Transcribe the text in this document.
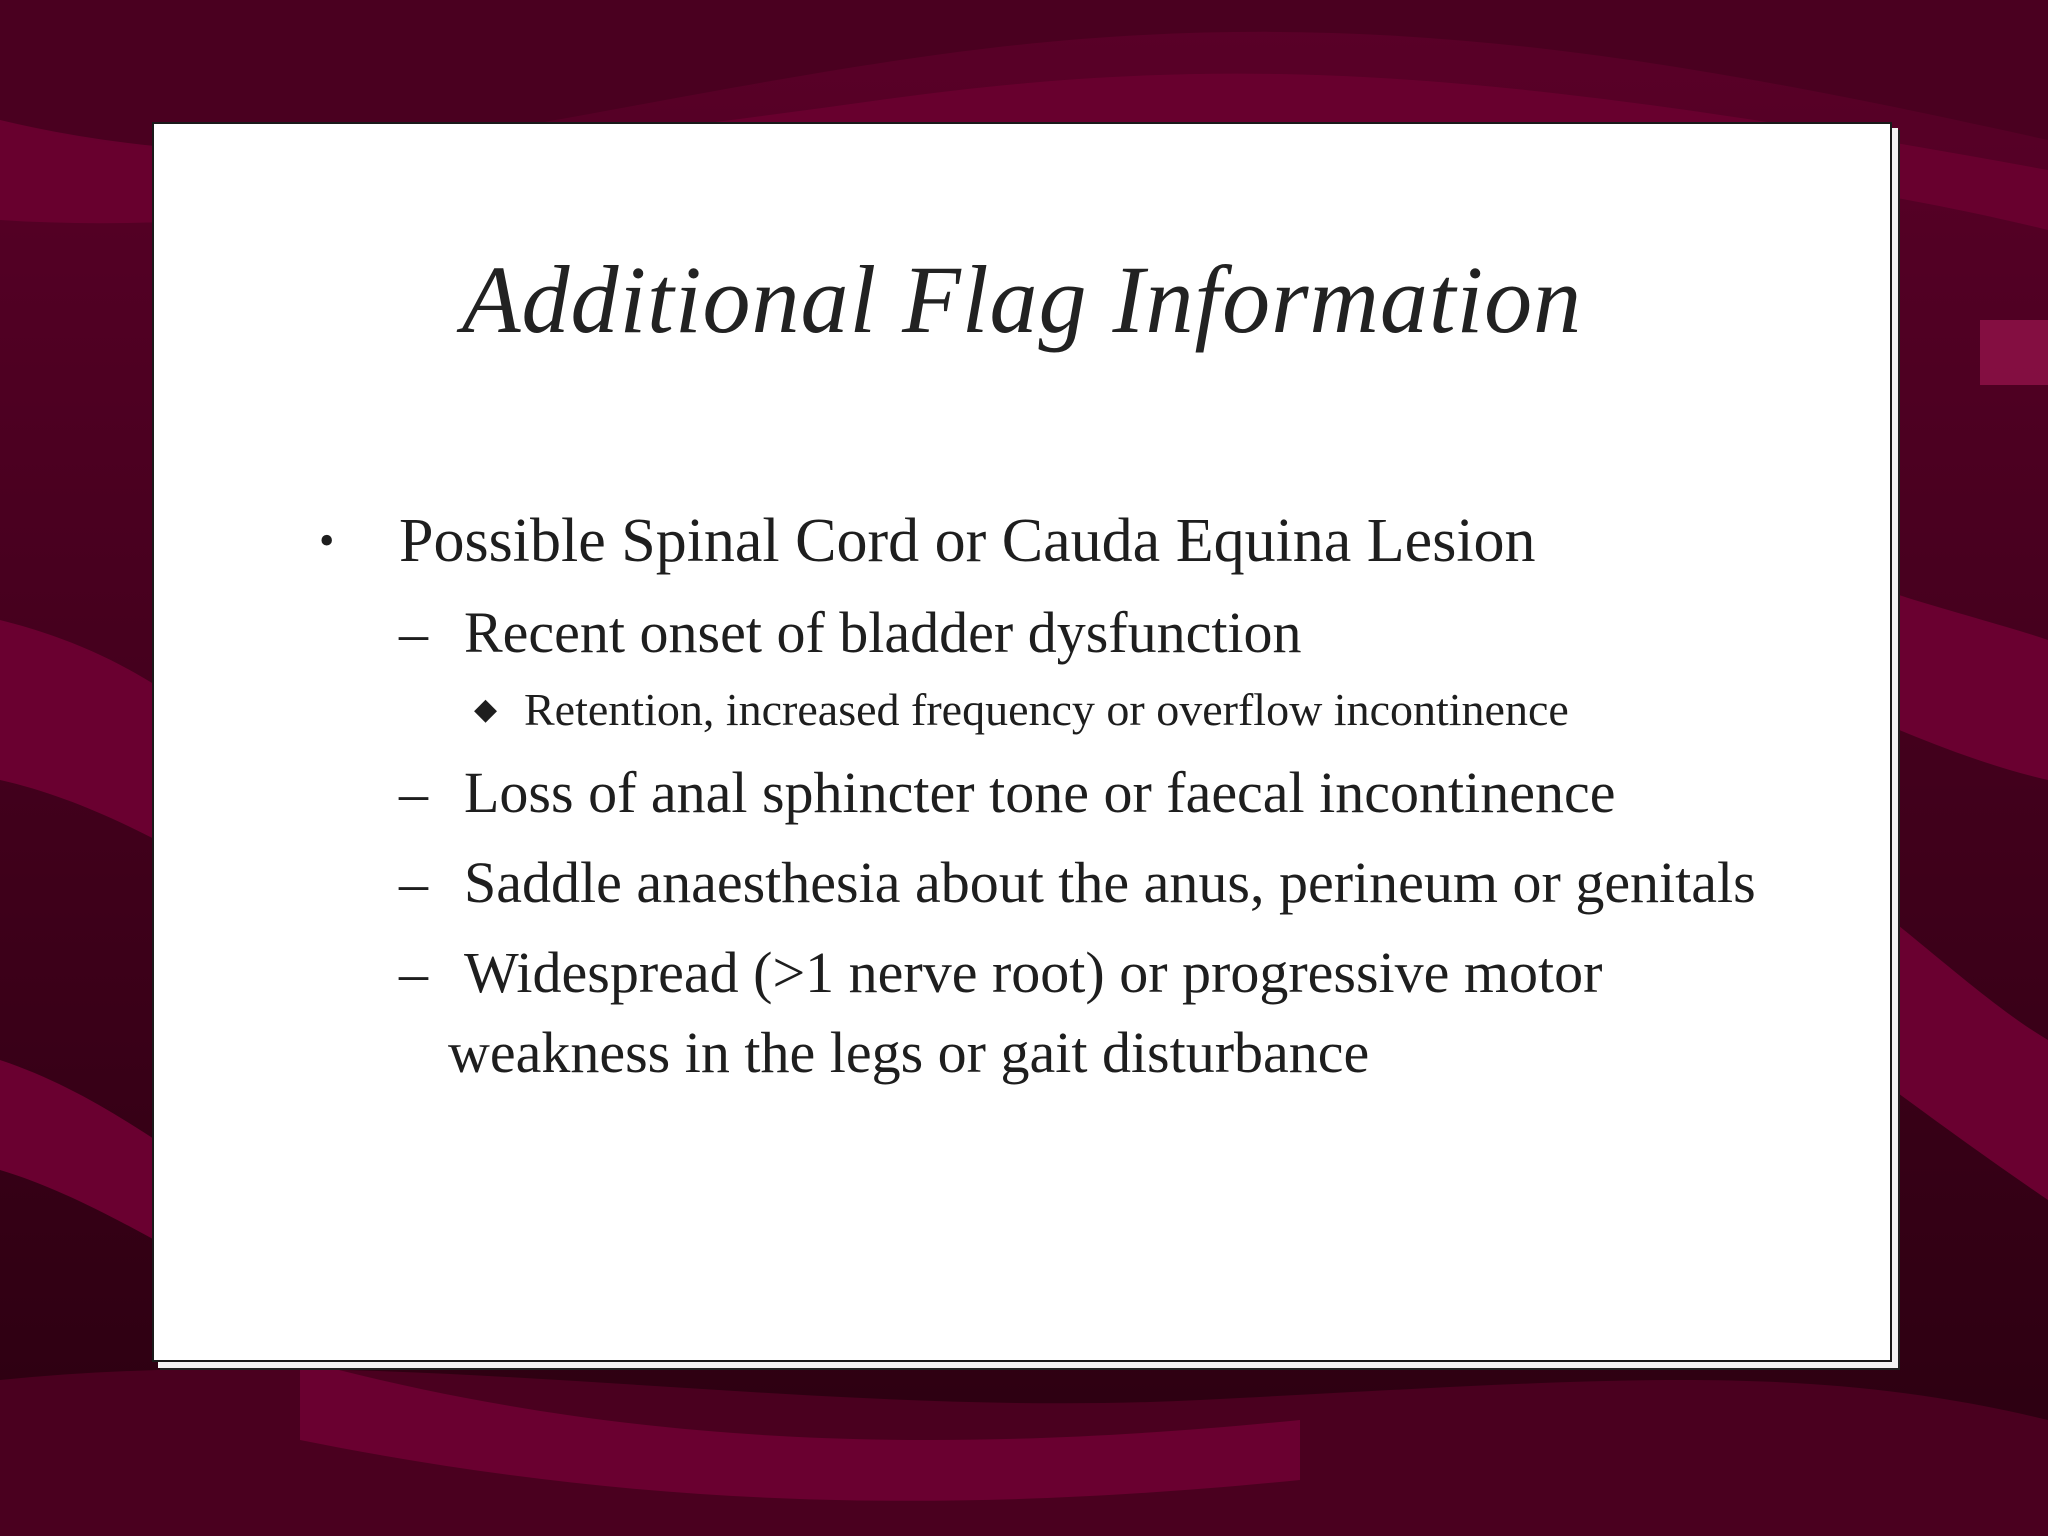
Additional Flag Information
• Possible Spinal Cord or Cauda Equina Lesion
– Recent onset of bladder dysfunction
◆ Retention, increased frequency or overflow incontinence
– Loss of anal sphincter tone or faecal incontinence
– Saddle anaesthesia about the anus, perineum or genitals
– Widespread (>1 nerve root) or progressive motor weakness in the legs or gait disturbance
